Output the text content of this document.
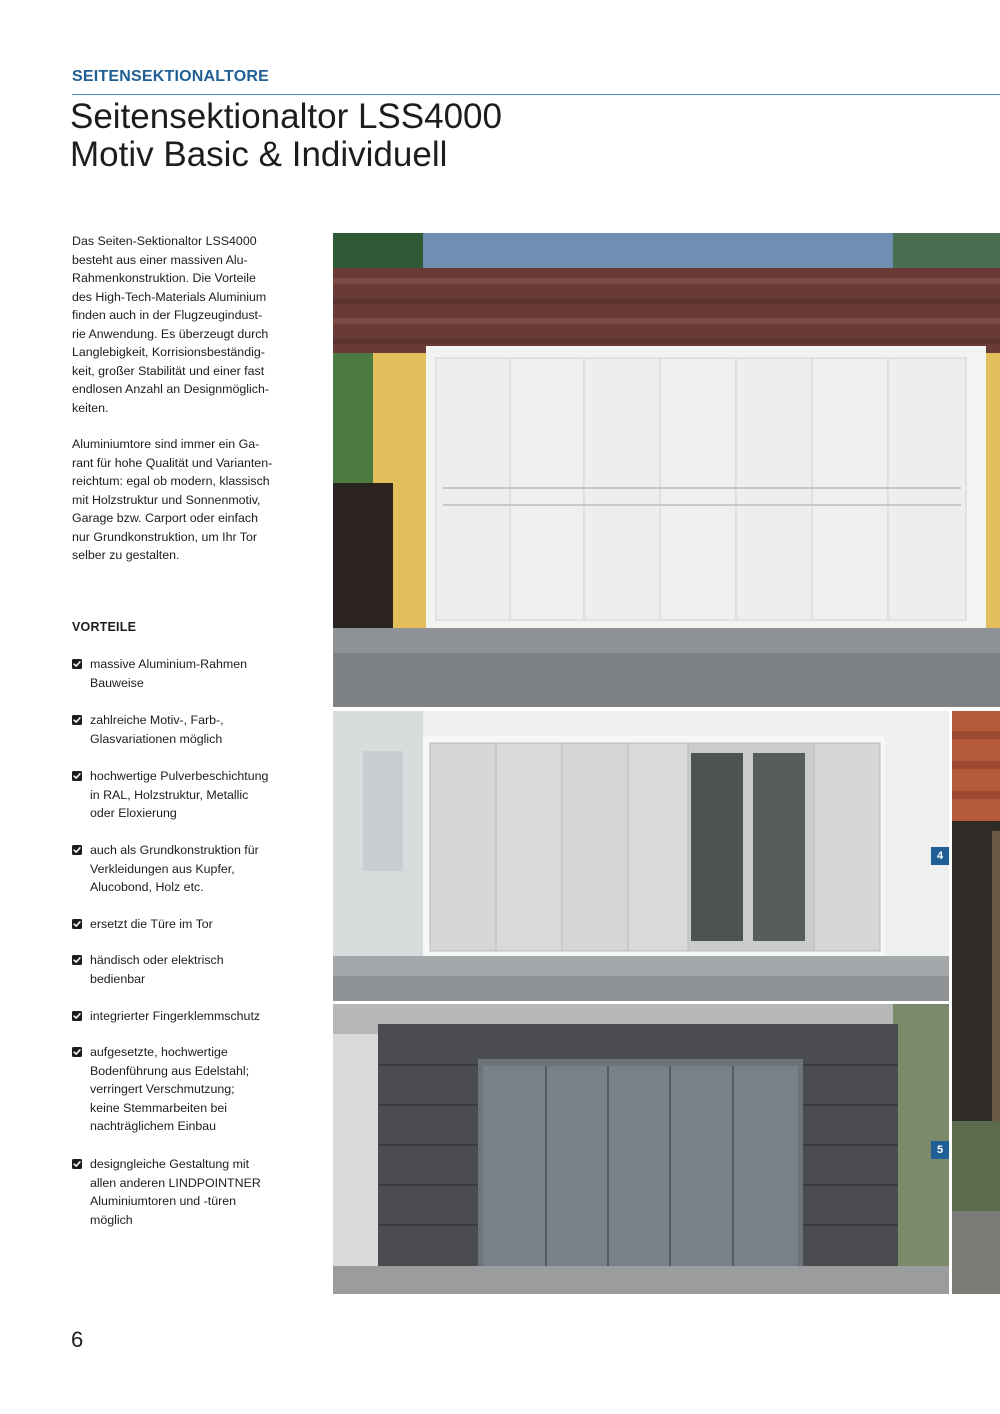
SEITENSEKTIONALTORE
Seitensektionaltor LSS4000
Motiv Basic & Individuell

Das Seiten-Sektionaltor LSS4000
besteht aus einer massiven Alu-
Rahmenkonstruktion. Die Vorteile
des High-Tech-Materials Aluminium
finden auch in der Flugzeugindust-
rie Anwendung. Es überzeugt durch
Langlebigkeit, Korrisionsbeständig-
keit, großer Stabilität und einer fast
endlosen Anzahl an Designmöglich-
keiten.

Aluminiumtore sind immer ein Ga-
rant für hohe Qualität und Varianten-
reichtum: egal ob modern, klassisch
mit Holzstruktur und Sonnenmotiv,
Garage bzw. Carport oder einfach
nur Grundkonstruktion, um Ihr Tor
selber zu gestalten.

VORTEILE
massive Aluminium-Rahmen
Bauweise
zahlreiche Motiv-, Farb-,
Glasvariationen möglich
hochwertige Pulverbeschichtung
in RAL, Holzstruktur, Metallic
oder Eloxierung
auch als Grundkonstruktion für
Verkleidungen aus Kupfer,
Alucobond, Holz etc.
ersetzt die Türe im Tor
händisch oder elektrisch
bedienbar
integrierter Fingerklemmschutz
aufgesetzte, hochwertige
Bodenführung aus Edelstahl;
verringert Verschmutzung;
keine Stemmarbeiten bei
nachträglichem Einbau
designgleiche Gestaltung mit
allen anderen LINDPOINTNER
Aluminiumtoren und -türen
möglich
4
5
6
